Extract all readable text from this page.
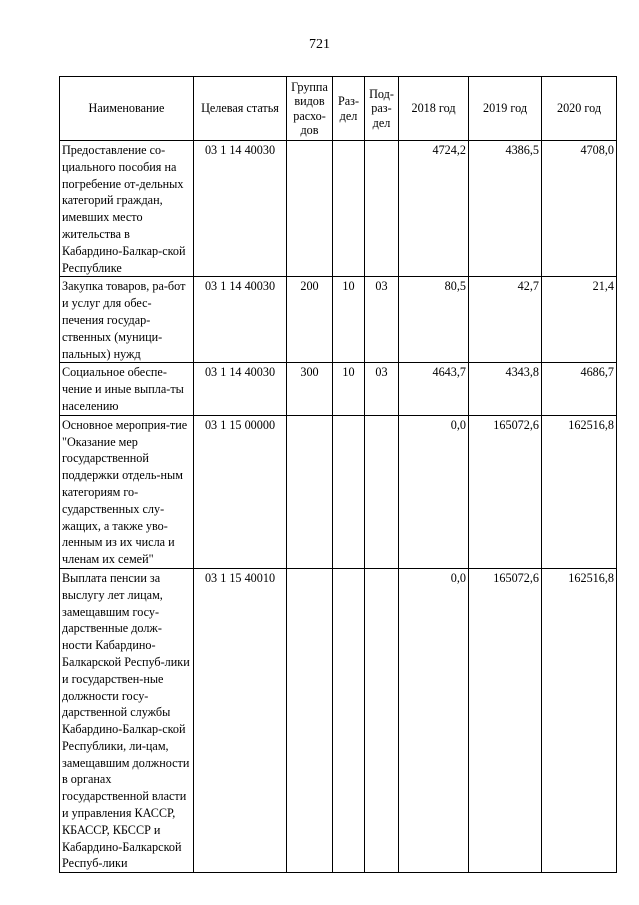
721
Наименование	Целевая статья	Группа видов расхо-дов	Раз-дел	Под-раз-дел	2018 год	2019 год	2020 год
Предоставление со-циального пособия на погребение от-дельных категорий граждан, имевших место жительства в Кабардино-Балкар-ской Республике	03 1 14 40030				4724,2	4386,5	4708,0
Закупка товаров, ра-бот и услуг для обес-печения государ-ственных (муници-пальных) нужд	03 1 14 40030	200	10	03	80,5	42,7	21,4
Социальное обеспе-чение и иные выпла-ты населению	03 1 14 40030	300	10	03	4643,7	4343,8	4686,7
Основное мероприя-тие "Оказание мер государственной поддержки отдель-ным категориям го-сударственных слу-жащих, а также уво-ленным из их числа и членам их семей"	03 1 15 00000				0,0	165072,6	162516,8
Выплата пенсии за выслугу лет лицам, замещавшим госу-дарственные долж-ности Кабардино-Балкарской Респуб-лики и государствен-ные должности госу-дарственной службы Кабардино-Балкар-ской Республики, ли-цам, замещавшим должности в органах государственной власти и управления КАССР, КБАССР, КБССР и Кабардино-Балкарской Респуб-лики	03 1 15 40010				0,0	165072,6	162516,8
